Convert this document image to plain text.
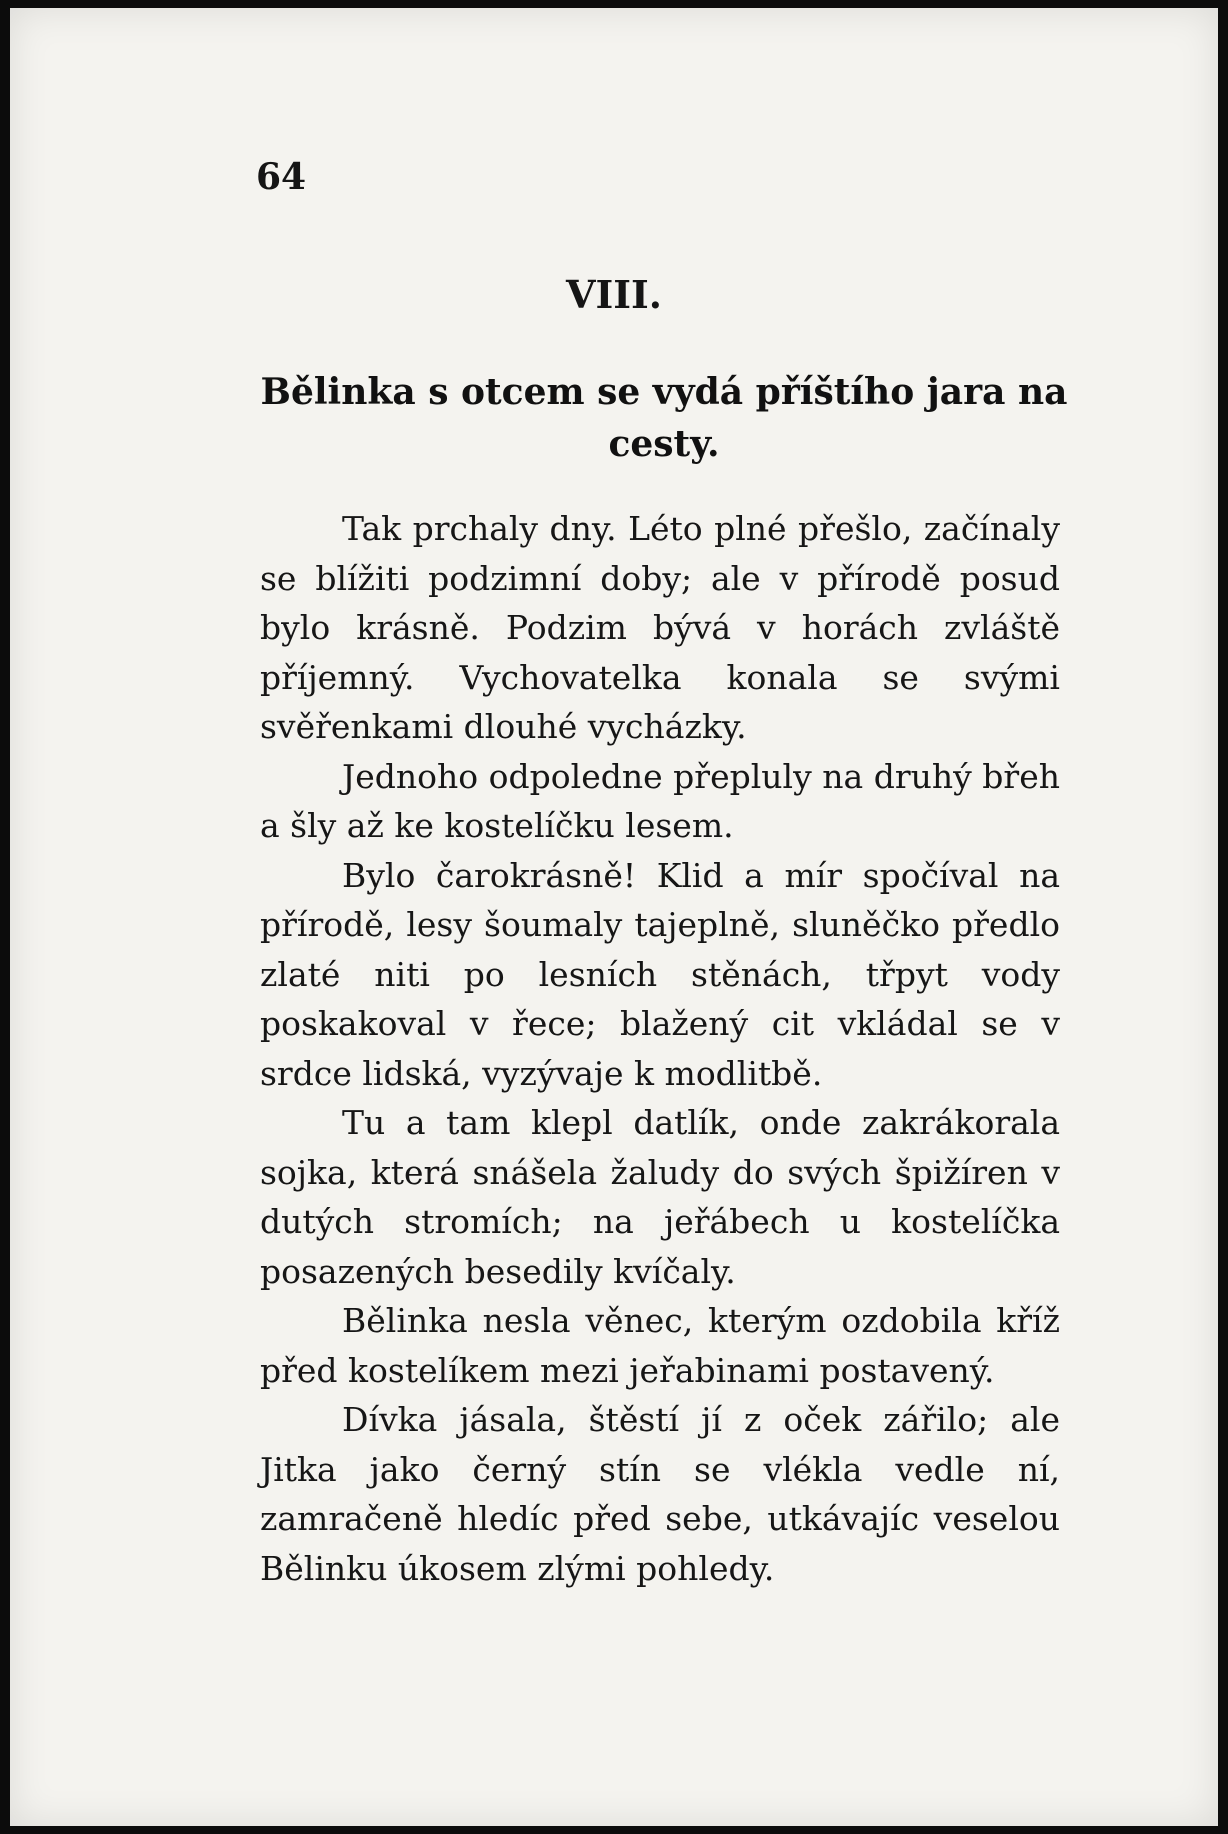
64
VIII.
Bělinka s otcem se vydá příštího jara na cesty.

Tak prchaly dny. Léto plné přešlo, začínaly se blížiti podzimní doby; ale v přírodě posud bylo krásně. Podzim bývá v horách zvláště příjemný. Vychovatelka konala se svými svěřenkami dlouhé vycházky.

Jednoho odpoledne přepluly na druhý břeh a šly až ke kostelíčku lesem.

Bylo čarokrásně! Klid a mír spočíval na přírodě, lesy šoumaly tajeplně, sluněčko předlo zlaté niti po lesních stěnách, třpyt vody poskakoval v řece; blažený cit vkládal se v srdce lidská, vyzývaje k modlitbě.

Tu a tam klepl datlík, onde zakrákorala sojka, která snášela žaludy do svých špižíren v dutých stromích; na jeřábech u kostelíčka posazených besedily kvíčaly.

Bělinka nesla věnec, kterým ozdobila kříž před kostelíkem mezi jeřabinami postavený.

Dívka jásala, štěstí jí z oček zářilo; ale Jitka jako černý stín se vlékla vedle ní, zamračeně hledíc před sebe, utkávajíc veselou Bělinku úkosem zlými pohledy.
